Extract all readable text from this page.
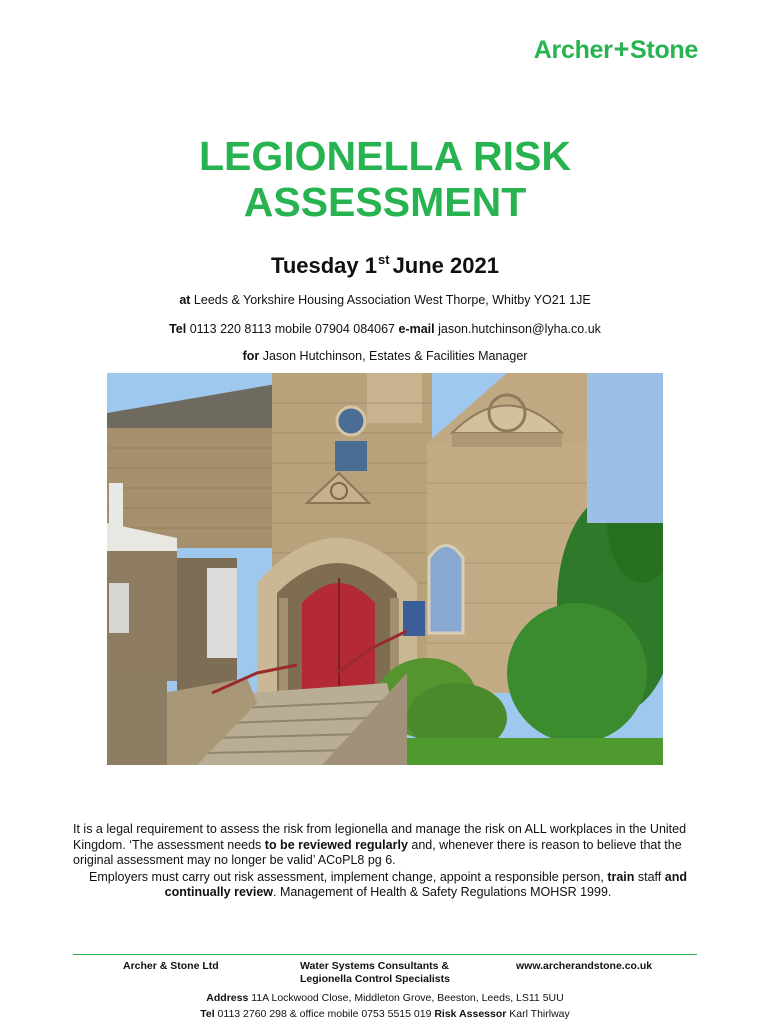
Archer+Stone
LEGIONELLA RISK
ASSESSMENT
Tuesday 1st June 2021
at Leeds & Yorkshire Housing Association West Thorpe, Whitby YO21 1JE
Tel 0113 220 8113 mobile 07904 084067 e-mail jason.hutchinson@lyha.co.uk
for Jason Hutchinson, Estates & Facilities Manager

It is a legal requirement to assess the risk from legionella and manage the risk on ALL workplaces in the United Kingdom. ‘The assessment needs to be reviewed regularly and, whenever there is reason to believe that the original assessment may no longer be valid’ ACoPL8 pg 6.

Employers must carry out risk assessment, implement change, appoint a responsible person, train staff and continually review. Management of Health & Safety Regulations MOHSR 1999.

Archer & Stone Ltd	Water Systems Consultants &
Legionella Control Specialists
www.archerandstone.co.uk
Address 11A Lockwood Close, Middleton Grove, Beeston, Leeds, LS11 5UU
Tel 0113 2760 298 & office mobile 0753 5515 019 Risk Assessor Karl Thirlway
